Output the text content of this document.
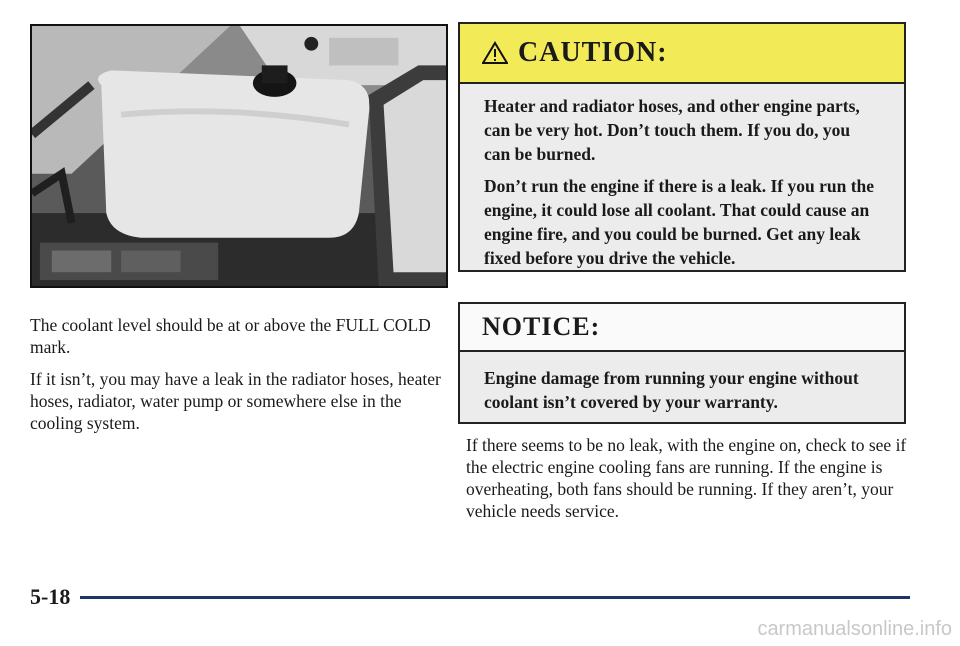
CAUTION:

Heater and radiator hoses, and other engine parts, can be very hot. Don’t touch them. If you do, you can be burned.

Don’t run the engine if there is a leak. If you run the engine, it could lose all coolant. That could cause an engine fire, and you could be burned. Get any leak fixed before you drive the vehicle.

NOTICE:

Engine damage from running your engine without coolant isn’t covered by your warranty.

The coolant level should be at or above the FULL COLD mark.

If it isn’t, you may have a leak in the radiator hoses, heater hoses, radiator, water pump or somewhere else in the cooling system.

If there seems to be no leak, with the engine on, check to see if the electric engine cooling fans are running. If the engine is overheating, both fans should be running. If they aren’t, your vehicle needs service.

5-18
carmanualsonline.info
